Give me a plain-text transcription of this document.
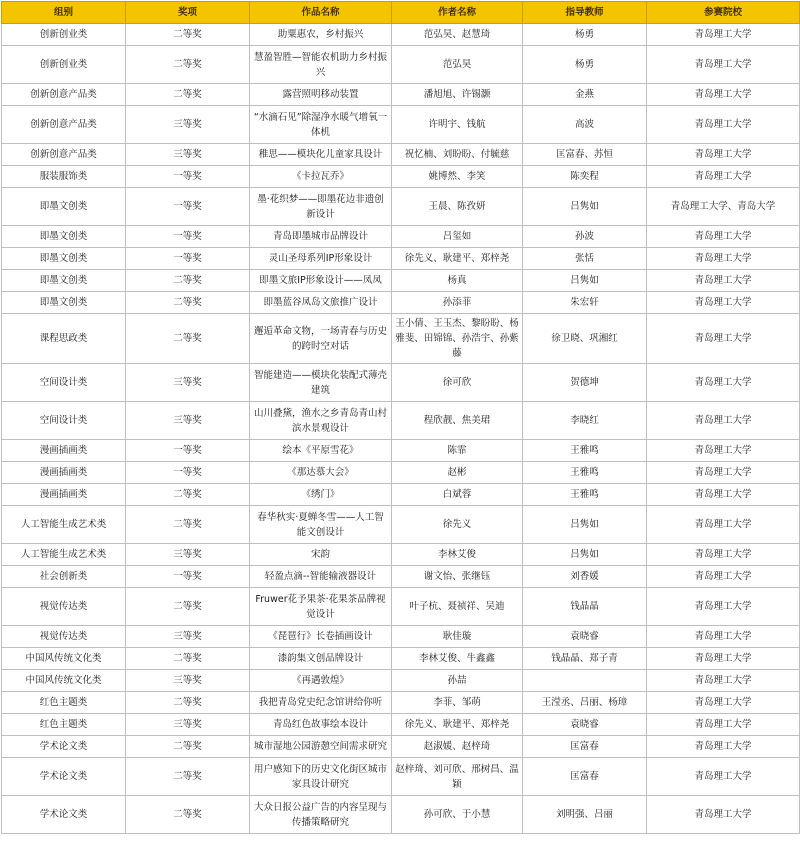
组别	奖项	作品名称	作者名称	指导教师	参赛院校
创新创业类	二等奖	助粟惠农，乡村振兴	范弘昊、赵慧琦	杨勇	青岛理工大学
创新创业类	二等奖	慧盈智胜—智能农机助力乡村振兴	范弘昊	杨勇	青岛理工大学
创新创意产品类	二等奖	露营照明移动装置	潘旭旭、许锡灏	金燕	青岛理工大学
创新创意产品类	三等奖	“水滴石见”除湿净水暖气增氧一体机	许明宇、钱航	高波	青岛理工大学
创新创意产品类	三等奖	稚思——模块化儿童家具设计	祝忆楠、刘盼盼、付毓慈	匡富春、苏恒	青岛理工大学
服装服饰类	一等奖	《卡拉瓦乔》	姚博然、李笑	陈奕程	青岛理工大学
即墨文创类	一等奖	墨·花织梦——即墨花边非遗创新设计	王晨、陈孜妍	吕隽如	青岛理工大学、青岛大学
即墨文创类	一等奖	青岛即墨城市品牌设计	吕玺如	孙波	青岛理工大学
即墨文创类	一等奖	灵山圣母系列IP形象设计	徐先义、耿建平、郑梓尧	张恬	青岛理工大学
即墨文创类	二等奖	即墨文旅IP形象设计——凤凤	杨真	吕隽如	青岛理工大学
即墨文创类	二等奖	即墨蓝谷凤岛文旅推广设计	孙添菲	朱宏轩	青岛理工大学
课程思政类	二等奖	邂逅革命文物，一场青春与历史的跨时空对话	王小倩、王玉杰、黎盼盼、杨雅斐、田锦锦、孙浩宇、孙紫藤	徐卫晓、巩湘红	青岛理工大学
空间设计类	三等奖	智能建造——模块化装配式薄壳建筑	徐可欣	贺德坤	青岛理工大学
空间设计类	三等奖	山川叠黛，渔水之乡青岛青山村滨水景观设计	程欣靓、焦美珺	李晓红	青岛理工大学
漫画插画类	一等奖	绘本《平原雪花》	陈霏	王雅鸣	青岛理工大学
漫画插画类	一等奖	《那达慕大会》	赵彬	王雅鸣	青岛理工大学
漫画插画类	二等奖	《绣门》	白斌蓉	王雅鸣	青岛理工大学
人工智能生成艺术类	二等奖	春华秋实·夏蝉冬雪——人工智能文创设计	徐先义	吕隽如	青岛理工大学
人工智能生成艺术类	三等奖	宋韵	李林艾俊	吕隽如	青岛理工大学
社会创新类	一等奖	轻盈点滴--智能输液器设计	谢文怡、张继钰	刘香媛	青岛理工大学
视觉传达类	二等奖	Fruwer花予果茶·花果茶品牌视觉设计	叶子杭、聂祯祥、吴迪	钱晶晶	青岛理工大学
视觉传达类	三等奖	《琵琶行》长卷插画设计	耿佳璇	袁晓睿	青岛理工大学
中国风传统文化类	二等奖	漆韵集文创品牌设计	李林艾俊、牛鑫鑫	钱晶晶、郑子青	青岛理工大学
中国风传统文化类	三等奖	《再遇敦煌》	孙喆		青岛理工大学
红色主题类	二等奖	我把青岛党史纪念馆讲给你听	李菲、邹萌	王滢丞、吕丽、杨璋	青岛理工大学
红色主题类	三等奖	青岛红色故事绘本设计	徐先义、耿建平、郑梓尧	袁晓睿	青岛理工大学
学术论文类	二等奖	城市湿地公园游憩空间需求研究	赵淑媛、赵梓琦	匡富春	青岛理工大学
学术论文类	二等奖	用户感知下的历史文化街区城市家具设计研究	赵梓琦、刘可欣、邢树昌、温颖	匡富春	青岛理工大学
学术论文类	二等奖	大众日报公益广告的内容呈现与传播策略研究	孙可欣、于小慧	刘明强、吕丽	青岛理工大学
